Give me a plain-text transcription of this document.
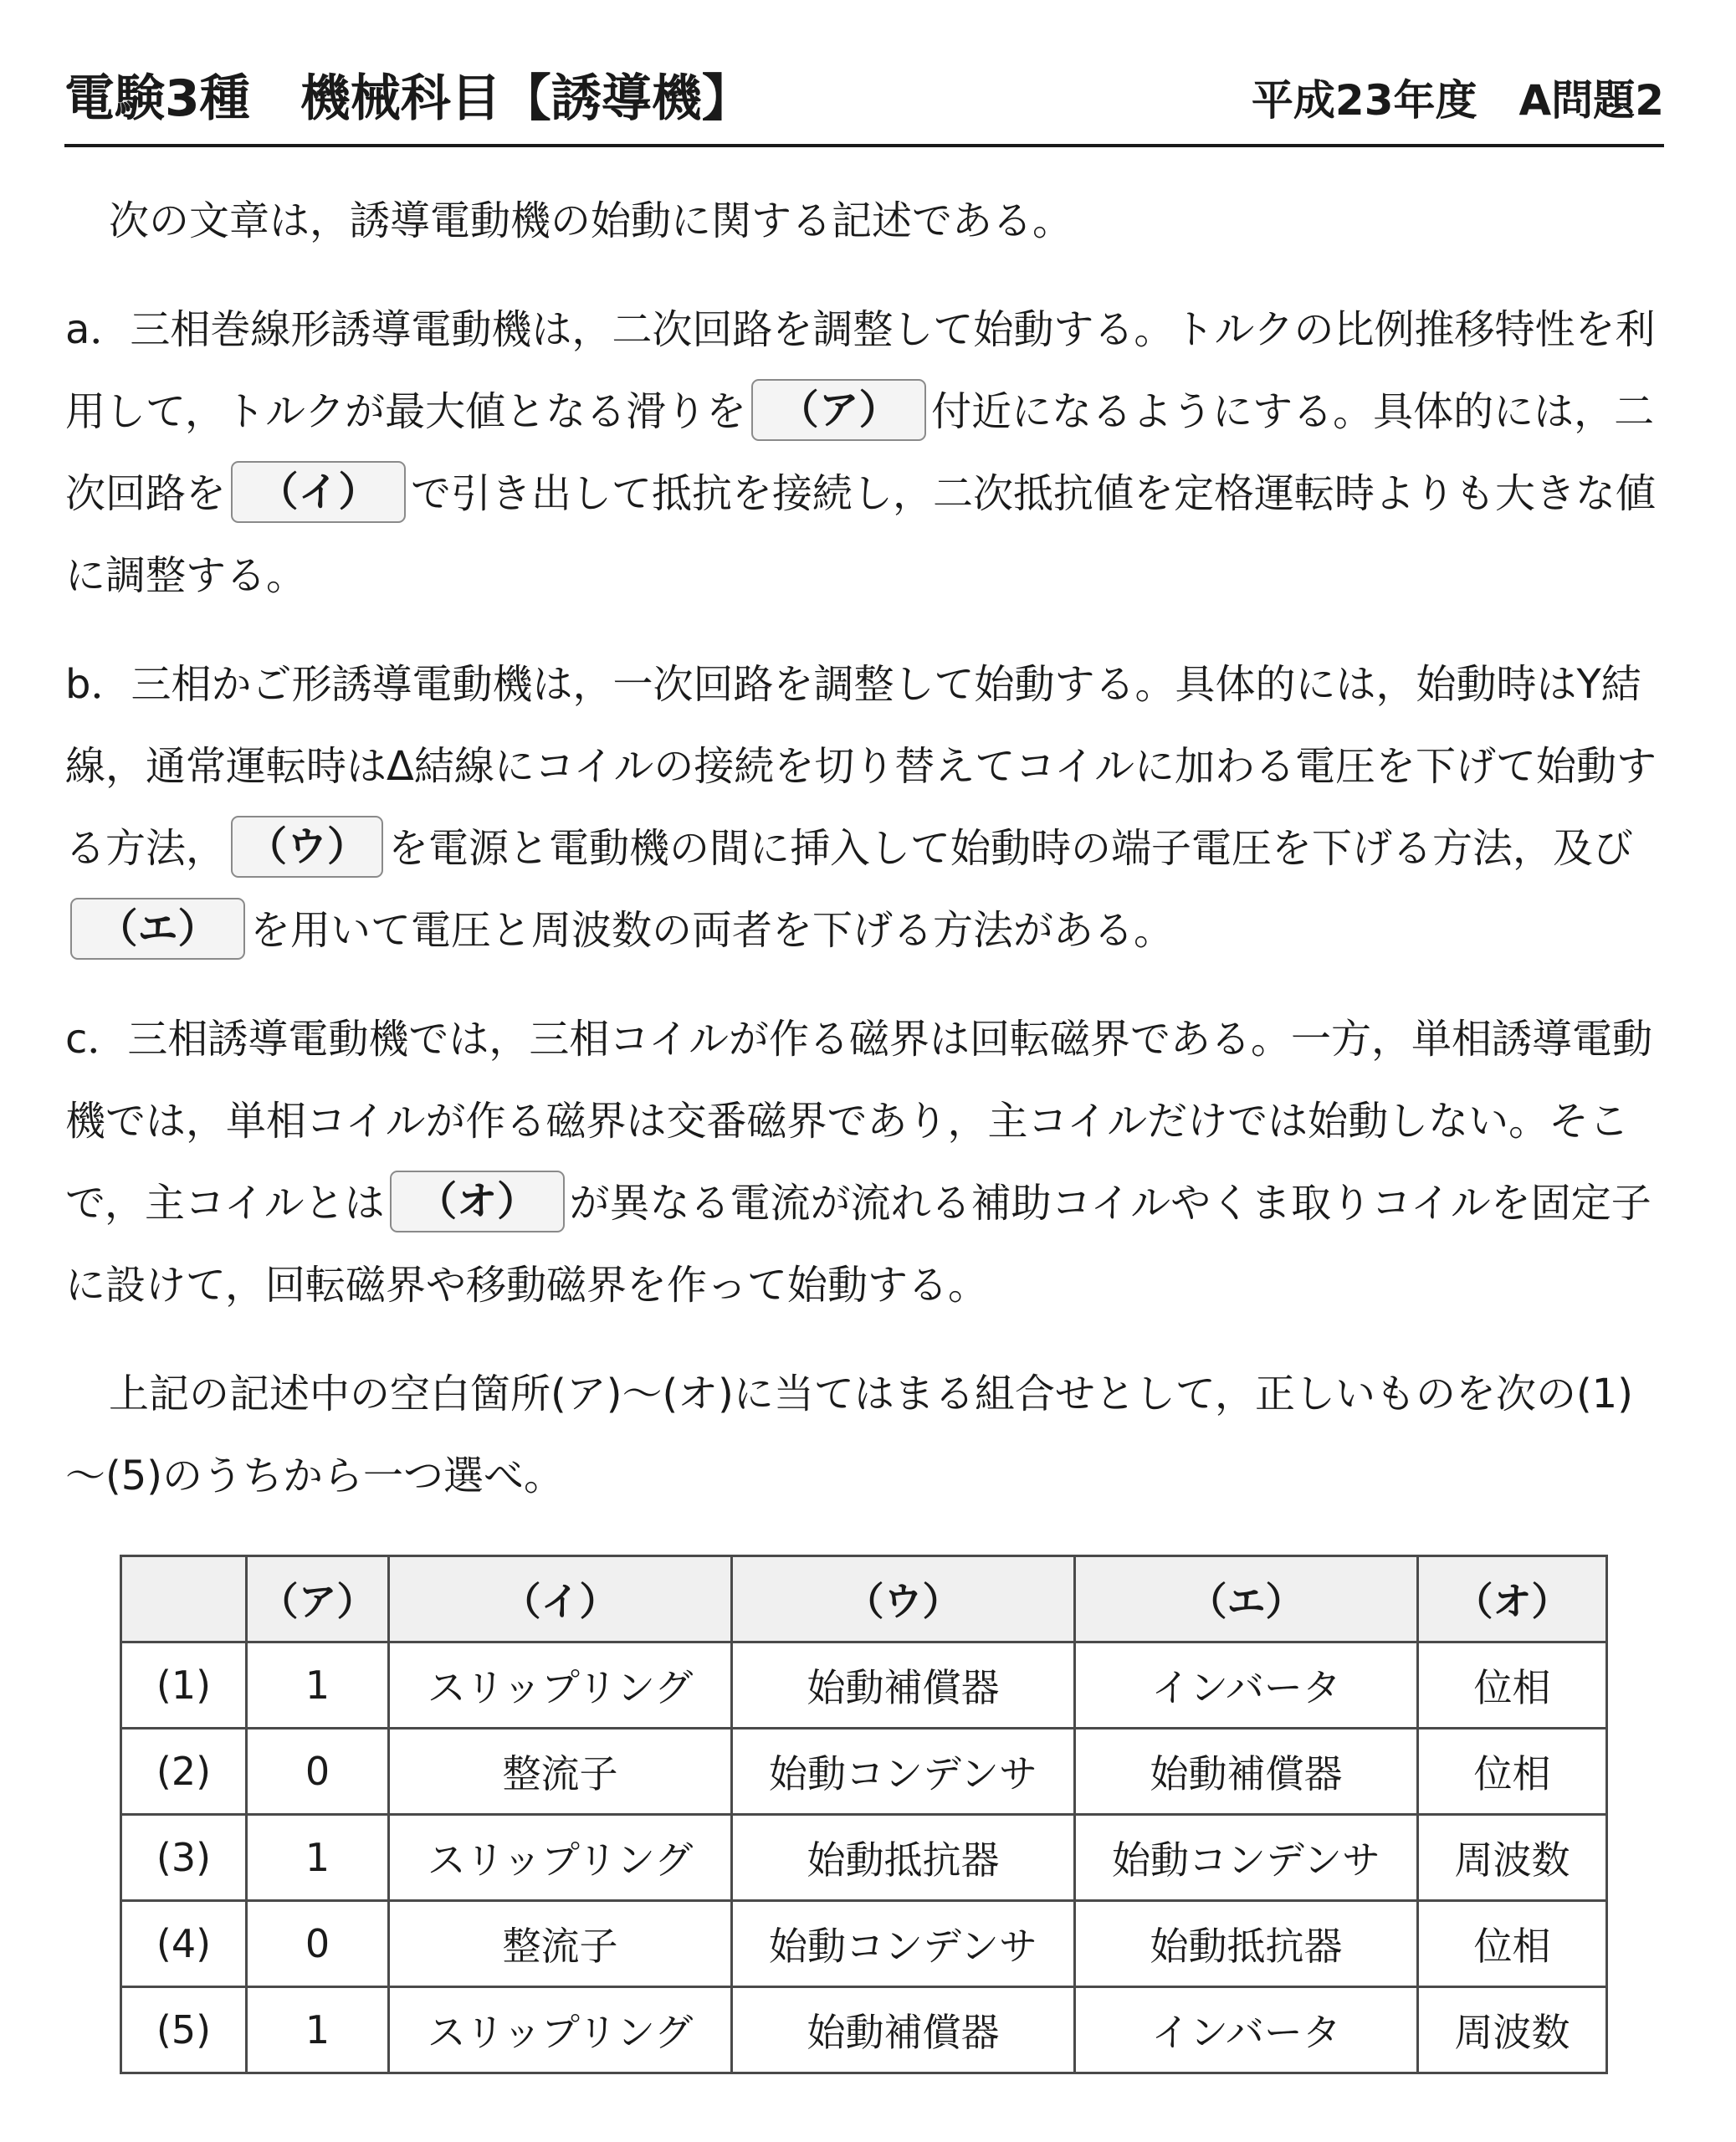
電験3種　機械科目【誘導機】	平成23年度　A問題2

次の文章は，誘導電動機の始動に関する記述である。

a．三相巻線形誘導電動機は，二次回路を調整して始動する。トルクの比例推移特性を利用して，トルクが最大値となる滑りを （ア） 付近になるようにする。具体的には，二次回路を （イ） で引き出して抵抗を接続し，二次抵抗値を定格運転時よりも大きな値に調整する。

b．三相かご形誘導電動機は，一次回路を調整して始動する。具体的には，始動時はY結線，通常運転時はΔ結線にコイルの接続を切り替えてコイルに加わる電圧を下げて始動する方法， （ウ） を電源と電動機の間に挿入して始動時の端子電圧を下げる方法，及び（エ） を用いて電圧と周波数の両者を下げる方法がある。

c．三相誘導電動機では，三相コイルが作る磁界は回転磁界である。一方，単相誘導電動機では，単相コイルが作る磁界は交番磁界であり，主コイルだけでは始動しない。そこで，主コイルとは （オ） が異なる電流が流れる補助コイルやくま取りコイルを固定子に設けて，回転磁界や移動磁界を作って始動する。

上記の記述中の空白箇所(ア)～(オ)に当てはまる組合せとして，正しいものを次の(1)～(5)のうちから一つ選べ。

	（ア）	（イ）	（ウ）	（エ）	（オ）
(1)	1	スリップリング	始動補償器	インバータ	位相
(2)	0	整流子	始動コンデンサ	始動補償器	位相
(3)	1	スリップリング	始動抵抗器	始動コンデンサ	周波数
(4)	0	整流子	始動コンデンサ	始動抵抗器	位相
(5)	1	スリップリング	始動補償器	インバータ	周波数
